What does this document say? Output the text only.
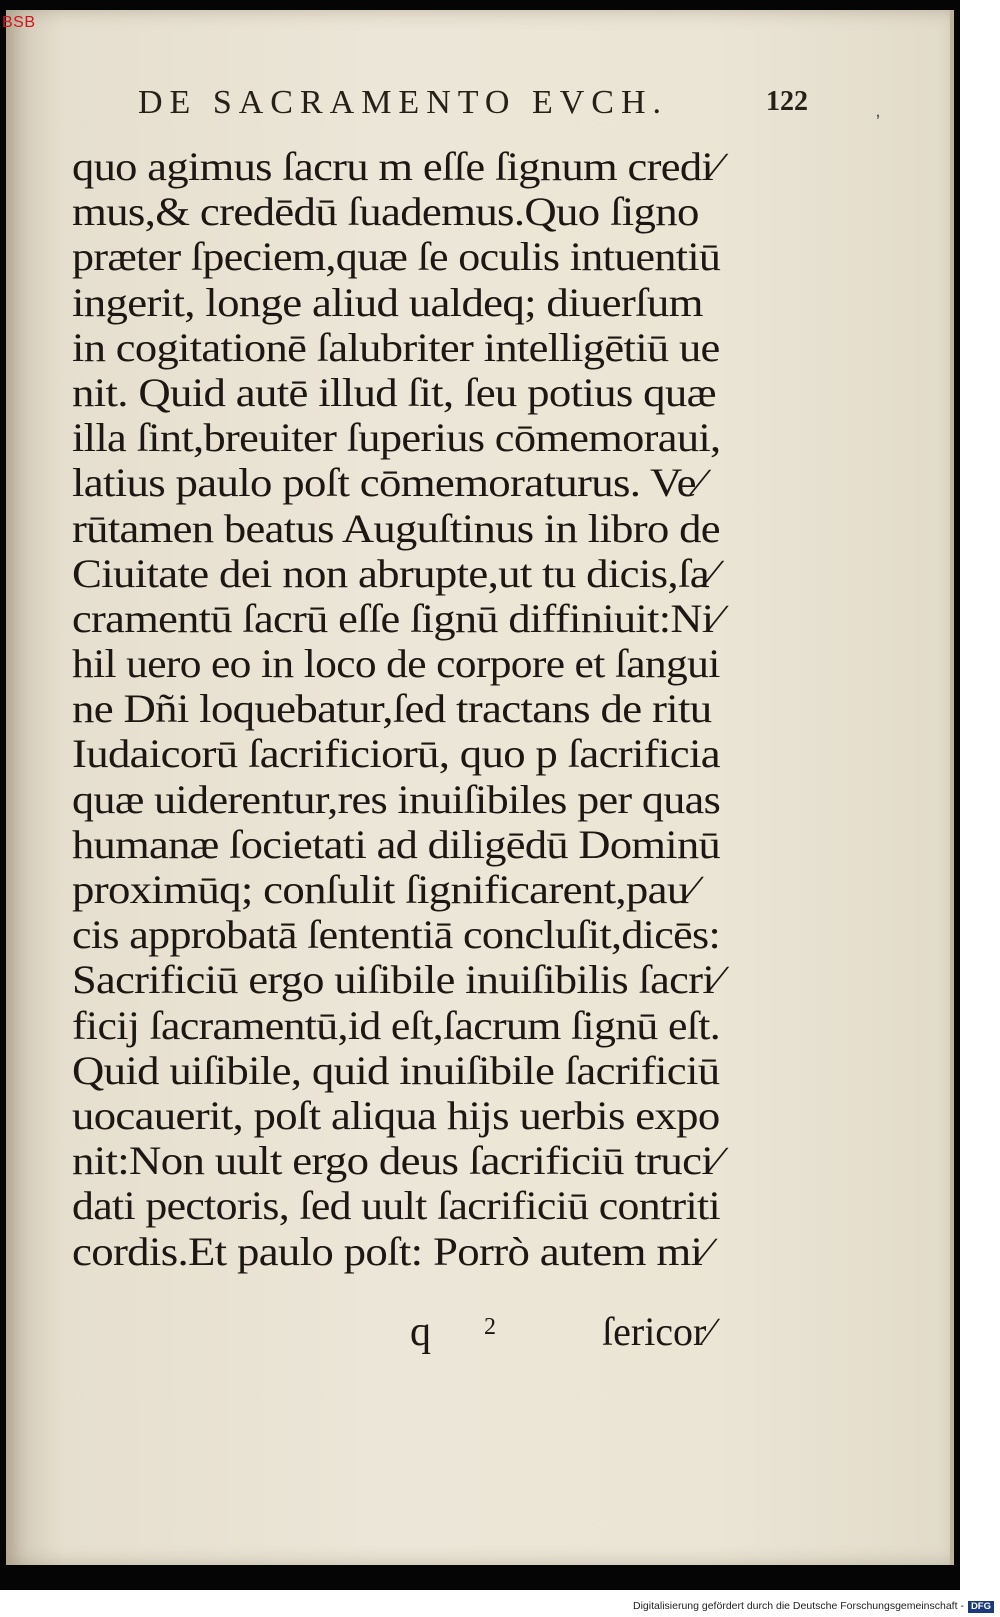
DE SACRAMENTO EVCH.	122
ʼ
quo agimus ſacru m eſſe ſignum credi∕
mus,& credēdū ſuademus.Quo ſigno
præter ſpeciem,quæ ſe oculis intuentiū
ingerit, longe aliud ualdeq; diuerſum
in cogitationē ſalubriter intelligētiū ue
nit. Quid autē illud ſit, ſeu potius quæ
illa ſint,breuiter ſuperius cōmemoraui,
latius paulo poſt cōmemoraturus. Ve∕
rūtamen beatus Auguſtinus in libro de
Ciuitate dei non abrupte,ut tu dicis,ſa∕
cramentū ſacrū eſſe ſignū diffiniuit:Ni∕
hil uero eo in loco de corpore et ſangui
ne Dñi loquebatur,ſed tractans de ritu
Iudaicorū ſacrificiorū, quo p ſacrificia
quæ uiderentur,res inuiſibiles per quas
humanæ ſocietati ad diligēdū Dominū
proximūq; conſulit ſignificarent,pau∕
cis approbatā ſententiā concluſit,dicēs:
Sacrificiū ergo uiſibile inuiſibilis ſacri∕
ficij ſacramentū,id eſt,ſacrum ſignū eſt.
Quid uiſibile, quid inuiſibile ſacrificiū
uocauerit, poſt aliqua hijs uerbis expo
nit:Non uult ergo deus ſacrificiū truci∕
dati pectoris, ſed uult ſacrificiū contriti
cordis.Et paulo poſt: Porrò autem mi∕
q 2	ſericor∕
BSB
Digitalisierung gefördert durch die Deutsche Forschungsgemeinschaft - DFG
